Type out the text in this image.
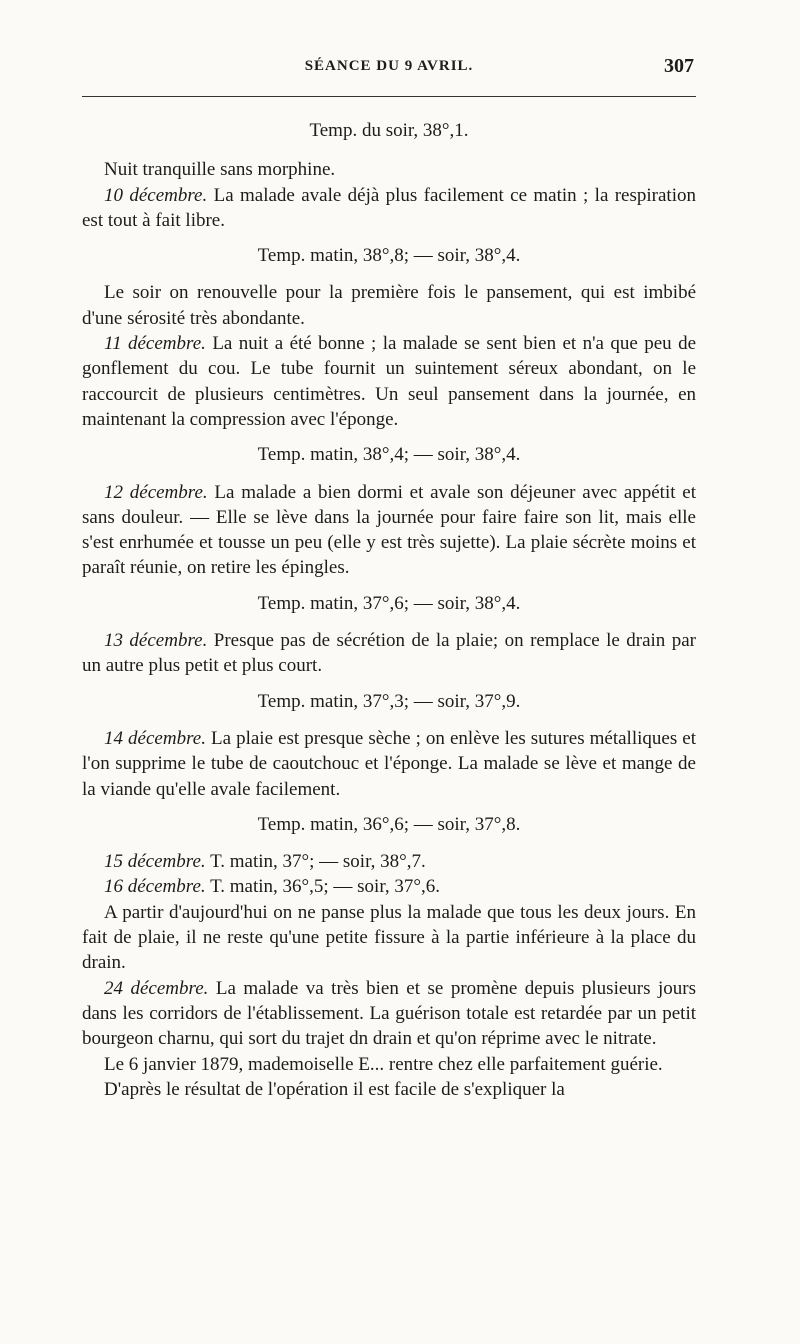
SÉANCE DU 9 AVRIL.	307

Temp. du soir, 38°,1.

Nuit tranquille sans morphine.

10 décembre. La malade avale déjà plus facilement ce matin ; la respiration est tout à fait libre.

Temp. matin, 38°,8; — soir, 38°,4.

Le soir on renouvelle pour la première fois le pansement, qui est imbibé d'une sérosité très abondante.

11 décembre. La nuit a été bonne ; la malade se sent bien et n'a que peu de gonflement du cou. Le tube fournit un suintement séreux abondant, on le raccourcit de plusieurs centimètres. Un seul pansement dans la journée, en maintenant la compression avec l'éponge.

Temp. matin, 38°,4; — soir, 38°,4.

12 décembre. La malade a bien dormi et avale son déjeuner avec appétit et sans douleur. — Elle se lève dans la journée pour faire faire son lit, mais elle s'est enrhumée et tousse un peu (elle y est très sujette). La plaie sécrète moins et paraît réunie, on retire les épingles.

Temp. matin, 37°,6; — soir, 38°,4.

13 décembre. Presque pas de sécrétion de la plaie; on remplace le drain par un autre plus petit et plus court.

Temp. matin, 37°,3; — soir, 37°,9.

14 décembre. La plaie est presque sèche ; on enlève les sutures métalliques et l'on supprime le tube de caoutchouc et l'éponge. La malade se lève et mange de la viande qu'elle avale facilement.

Temp. matin, 36°,6; — soir, 37°,8.

15 décembre. T. matin, 37°; — soir, 38°,7.

16 décembre. T. matin, 36°,5; — soir, 37°,6.

A partir d'aujourd'hui on ne panse plus la malade que tous les deux jours. En fait de plaie, il ne reste qu'une petite fissure à la partie inférieure à la place du drain.

24 décembre. La malade va très bien et se promène depuis plusieurs jours dans les corridors de l'établissement. La guérison totale est retardée par un petit bourgeon charnu, qui sort du trajet dn drain et qu'on réprime avec le nitrate.

Le 6 janvier 1879, mademoiselle E... rentre chez elle parfaitement guérie.

D'après le résultat de l'opération il est facile de s'expliquer la
